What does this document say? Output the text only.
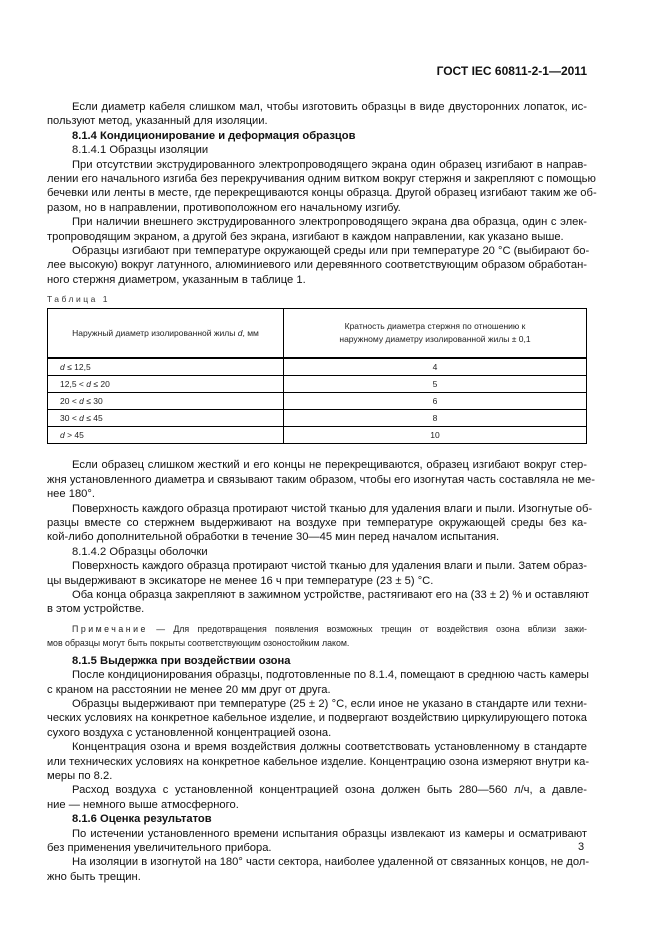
ГОСТ IEC 60811-2-1—2011
Если диаметр кабеля слишком мал, чтобы изготовить образцы в виде двусторонних лопаток, ис-
пользуют метод, указанный для изоляции.
8.1.4 Кондиционирование и деформация образцов
8.1.4.1 Образцы изоляции
При отсутствии экструдированного электропроводящего экрана один образец изгибают в направ-
лении его начального изгиба без перекручивания одним витком вокруг стержня и закрепляют с помощью
бечевки или ленты в месте, где перекрещиваются концы образца. Другой образец изгибают таким же об-
разом, но в направлении, противоположном его начальному изгибу.
При наличии внешнего экструдированного электропроводящего экрана два образца, один с элек-
тропроводящим экраном, а другой без экрана, изгибают в каждом направлении, как указано выше.
Образцы изгибают при температуре окружающей среды или при температуре 20 °С (выбирают бо-
лее высокую) вокруг латунного, алюминиевого или деревянного соответствующим образом обработан-
ного стержня диаметром, указанным в таблице 1.
Таблица 1
Наружный диаметр изолированной жилы d, мм	Кратность диаметра стержня по отношению к наружному диаметру изолированной жилы ± 0,1
d ≤ 12,5	4
12,5 < d ≤ 20	5
20 < d ≤ 30	6
30 < d ≤ 45	8
d > 45	10
Если образец слишком жесткий и его концы не перекрещиваются, образец изгибают вокруг стер-
жня установленного диаметра и связывают таким образом, чтобы его изогнутая часть составляла не ме-
нее 180°.
Поверхность каждого образца протирают чистой тканью для удаления влаги и пыли. Изогнутые об-
разцы вместе со стержнем выдерживают на воздухе при температуре окружающей среды без ка-
кой-либо дополнительной обработки в течение 30—45 мин перед началом испытания.
8.1.4.2 Образцы оболочки
Поверхность каждого образца протирают чистой тканью для удаления влаги и пыли. Затем образ-
цы выдерживают в эксикаторе не менее 16 ч при температуре (23 ± 5) °С.
Оба конца образца закрепляют в зажимном устройстве, растягивают его на (33 ± 2) % и оставляют
в этом устройстве.
Примечание — Для предотвращения появления возможных трещин от воздействия озона вблизи зажи-
мов образцы могут быть покрыты соответствующим озоностойким лаком.
8.1.5 Выдержка при воздействии озона
После кондиционирования образцы, подготовленные по 8.1.4, помещают в среднюю часть камеры
с краном на расстоянии не менее 20 мм друг от друга.
Образцы выдерживают при температуре (25 ± 2) °С, если иное не указано в стандарте или техни-
ческих условиях на конкретное кабельное изделие, и подвергают воздействию циркулирующего потока
сухого воздуха с установленной концентрацией озона.
Концентрация озона и время воздействия должны соответствовать установленному в стандарте
или технических условиях на конкретное кабельное изделие. Концентрацию озона измеряют внутри ка-
меры по 8.2.
Расход воздуха с установленной концентрацией озона должен быть 280—560 л/ч, а давле-
ние — немного выше атмосферного.
8.1.6 Оценка результатов
По истечении установленного времени испытания образцы извлекают из камеры и осматривают
без применения увеличительного прибора.
На изоляции в изогнутой на 180° части сектора, наиболее удаленной от связанных концов, не дол-
жно быть трещин.
3
